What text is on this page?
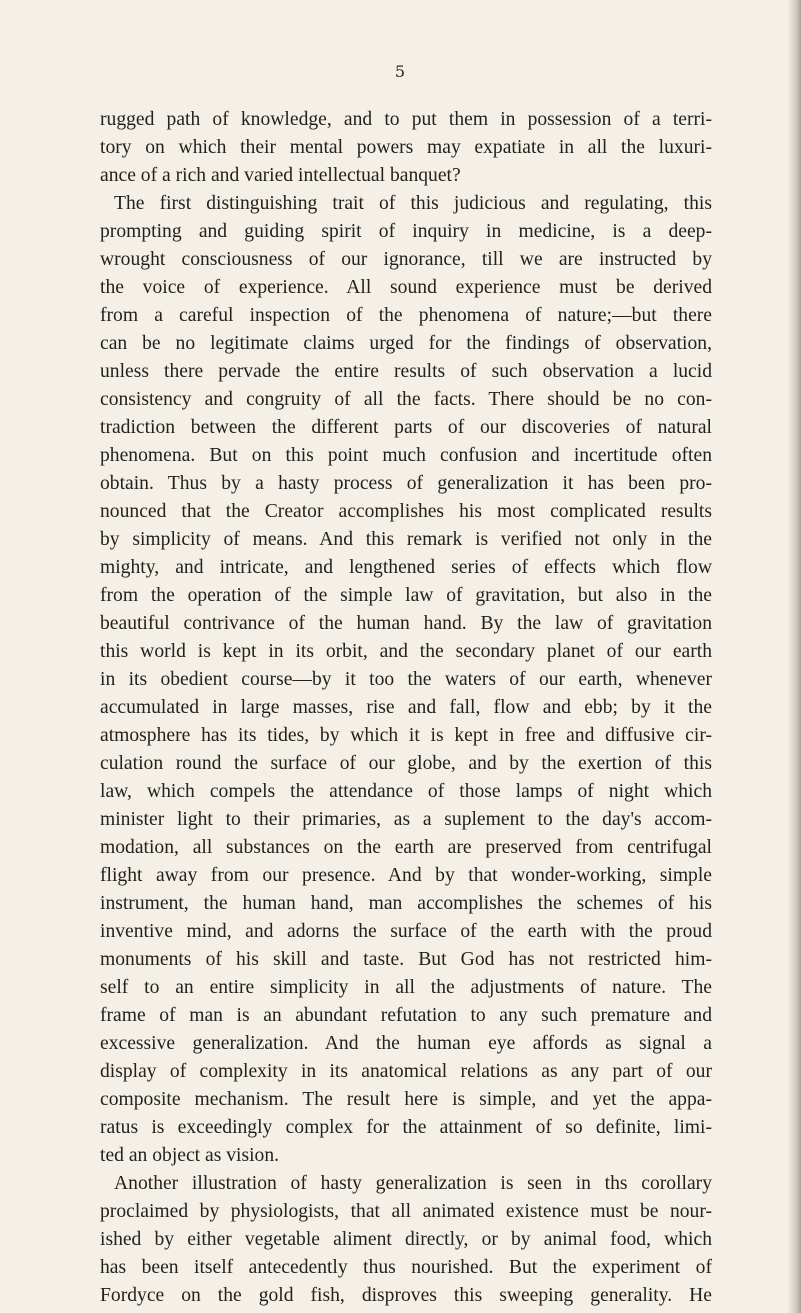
5
rugged path of knowledge, and to put them in possession of a terri-
tory on which their mental powers may expatiate in all the luxuri-
ance of a rich and varied intellectual banquet?
The first distinguishing trait of this judicious and regulating, this
prompting and guiding spirit of inquiry in medicine, is a deep-
wrought consciousness of our ignorance, till we are instructed by
the voice of experience. All sound experience must be derived
from a careful inspection of the phenomena of nature;—but there
can be no legitimate claims urged for the findings of observation,
unless there pervade the entire results of such observation a lucid
consistency and congruity of all the facts. There should be no con-
tradiction between the different parts of our discoveries of natural
phenomena. But on this point much confusion and incertitude often
obtain. Thus by a hasty process of generalization it has been pro-
nounced that the Creator accomplishes his most complicated results
by simplicity of means. And this remark is verified not only in the
mighty, and intricate, and lengthened series of effects which flow
from the operation of the simple law of gravitation, but also in the
beautiful contrivance of the human hand. By the law of gravitation
this world is kept in its orbit, and the secondary planet of our earth
in its obedient course—by it too the waters of our earth, whenever
accumulated in large masses, rise and fall, flow and ebb; by it the
atmosphere has its tides, by which it is kept in free and diffusive cir-
culation round the surface of our globe, and by the exertion of this
law, which compels the attendance of those lamps of night which
minister light to their primaries, as a suplement to the day's accom-
modation, all substances on the earth are preserved from centrifugal
flight away from our presence. And by that wonder-working, simple
instrument, the human hand, man accomplishes the schemes of his
inventive mind, and adorns the surface of the earth with the proud
monuments of his skill and taste. But God has not restricted him-
self to an entire simplicity in all the adjustments of nature. The
frame of man is an abundant refutation to any such premature and
excessive generalization. And the human eye affords as signal a
display of complexity in its anatomical relations as any part of our
composite mechanism. The result here is simple, and yet the appa-
ratus is exceedingly complex for the attainment of so definite, limi-
ted an object as vision.
Another illustration of hasty generalization is seen in ths corollary
proclaimed by physiologists, that all animated existence must be nour-
ished by either vegetable aliment directly, or by animal food, which
has been itself antecedently thus nourished. But the experiment of
Fordyce on the gold fish, disproves this sweeping generality. He
